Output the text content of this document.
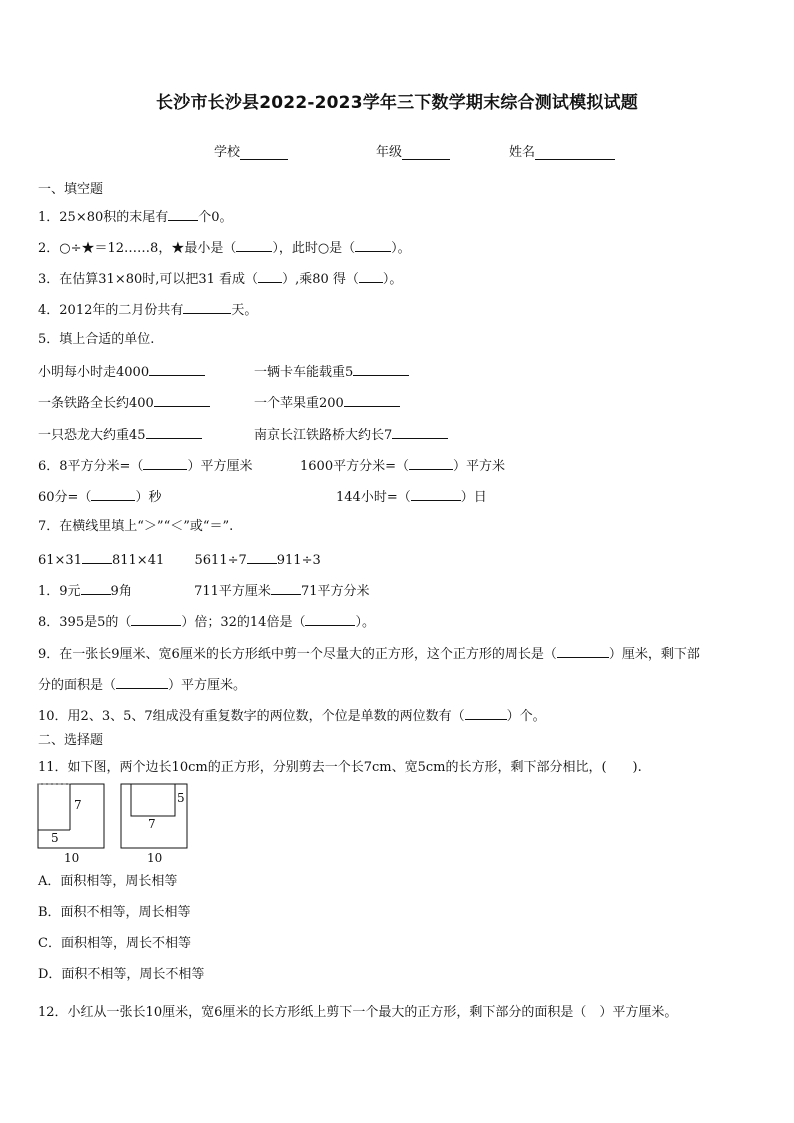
长沙市长沙县2022-2023学年三下数学期末综合测试模拟试题
学校	年级	姓名
一、填空题
1．25×80积的末尾有 个0。
2．○÷★＝12……8，★最小是（	），此时○是（	）。
3．在估算31×80时,可以把31 看成（ ）,乘80 得（ ）。
4．2012年的二月份共有	天。
5．填上合适的单位.
小明每小时走4000	一辆卡车能载重5
一条铁路全长约400	一个苹果重200
一只恐龙大约重45	南京长江铁路桥大约长7
6．8平方分米=（	）平方厘米	1600平方分米=（	）平方米
60分=（	）秒	144小时=（	）日
7．在横线里填上“＞”“＜”或“＝”.
61×31 811×41 5611÷7 911÷3
1．9元 9角	711平方厘米 71平方分米
8．395是5的（	）倍；32的14倍是（	）。
9．在一张长9厘米、宽6厘米的长方形纸中剪一个尽量大的正方形，这个正方形的周长是（	）厘米，剩下部
分的面积是（	）平方厘米。
10．用2、3、5、7组成没有重复数字的两位数，个位是单数的两位数有（	）个。
二、选择题
11．如下图，两个边长10cm的正方形，分别剪去一个长7cm、宽5cm的长方形，剩下部分相比，(　　).
7
5
10
5
7
10
A．面积相等，周长相等
B．面积不相等，周长相等
C．面积相等，周长不相等
D．面积不相等，周长不相等
12．小红从一张长10厘米，宽6厘米的长方形纸上剪下一个最大的正方形，剩下部分的面积是（　）平方厘米。
